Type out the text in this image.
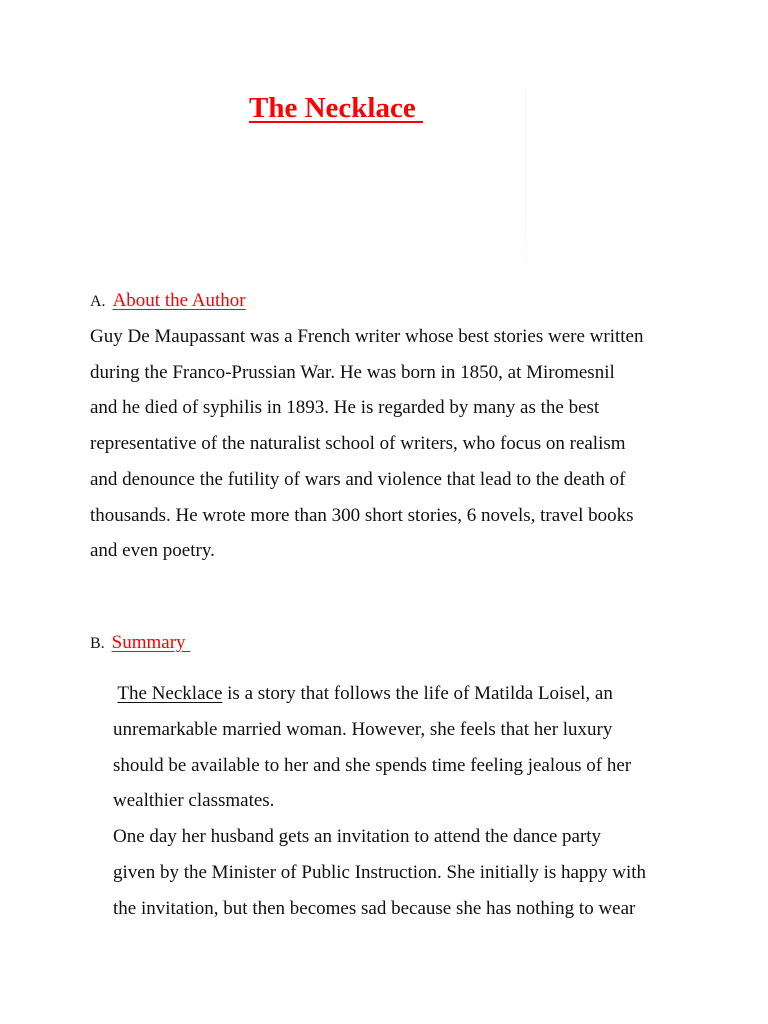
The Necklace
A. About the Author
Guy De Maupassant was a French writer whose best stories were written
during the Franco-Prussian War. He was born in 1850, at Miromesnil
and he died of syphilis in 1893. He is regarded by many as the best
representative of the naturalist school of writers, who focus on realism
and denounce the futility of wars and violence that lead to the death of
thousands. He wrote more than 300 short stories, 6 novels, travel books
and even poetry.
B. Summary
The Necklace is a story that follows the life of Matilda Loisel, an
unremarkable married woman. However, she feels that her luxury
should be available to her and she spends time feeling jealous of her
wealthier classmates.
One day her husband gets an invitation to attend the dance party
given by the Minister of Public Instruction. She initially is happy with
the invitation, but then becomes sad because she has nothing to wear
